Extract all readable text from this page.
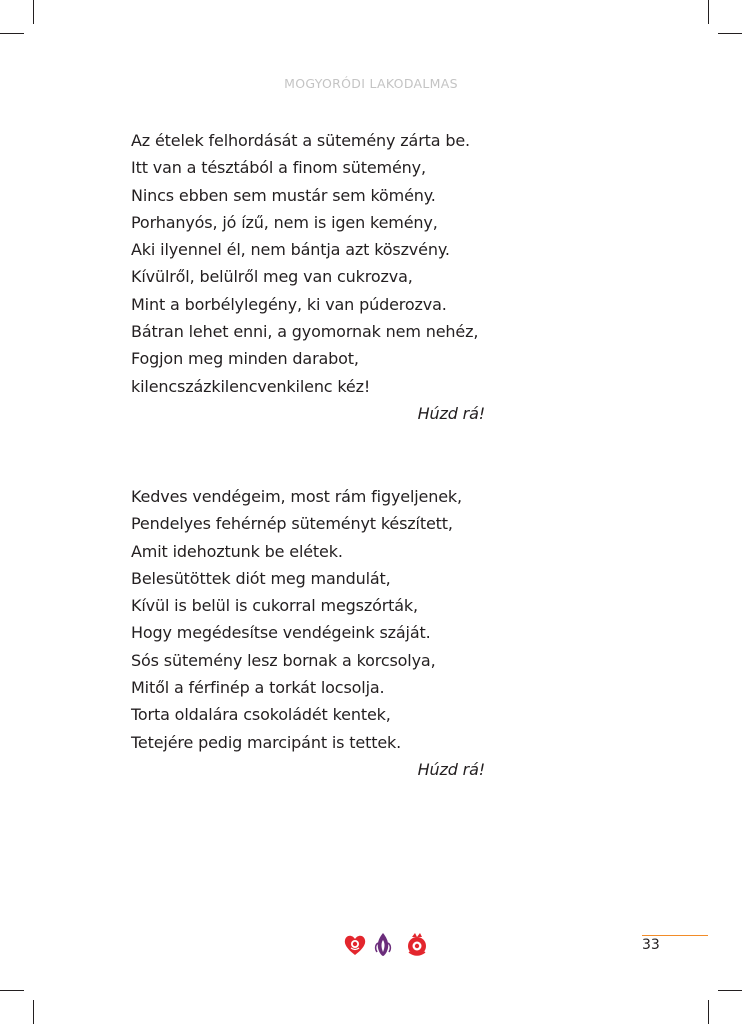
MOGYORÓDI LAKODALMAS
Az ételek felhordását a sütemény zárta be.
Itt van a tésztából a finom sütemény,
Nincs ebben sem mustár sem kömény.
Porhanyós, jó ízű, nem is igen kemény,
Aki ilyennel él, nem bántja azt köszvény.
Kívülről, belülről meg van cukrozva,
Mint a borbélylegény, ki van púderozva.
Bátran lehet enni, a gyomornak nem nehéz,
Fogjon meg minden darabot,
kilencszázkilencvenkilenc kéz!
Húzd rá!
Kedves vendégeim, most rám figyeljenek,
Pendelyes fehérnép süteményt készített,
Amit idehoztunk be elétek.
Belesütöttek diót meg mandulát,
Kívül is belül is cukorral megszórták,
Hogy megédesítse vendégeink száját.
Sós sütemény lesz bornak a korcsolya,
Mitől a férfinép a torkát locsolja.
Torta oldalára csokoládét kentek,
Tetejére pedig marcipánt is tettek.
Húzd rá!
33
